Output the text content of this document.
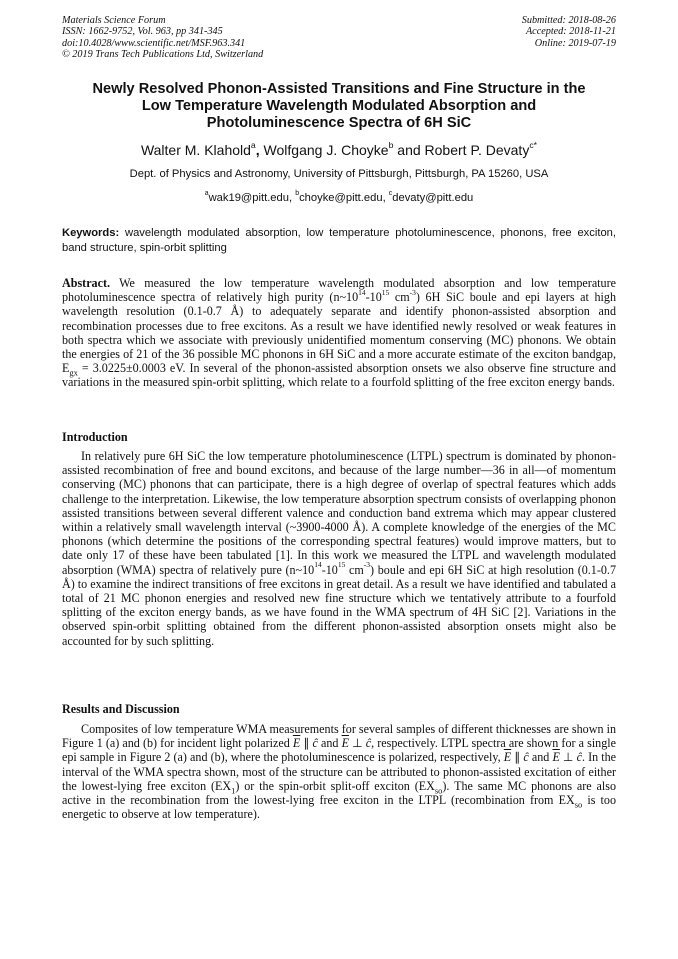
Materials Science Forum
ISSN: 1662-9752, Vol. 963, pp 341-345
doi:10.4028/www.scientific.net/MSF.963.341
© 2019 Trans Tech Publications Ltd, Switzerland
Submitted: 2018-08-26
Accepted: 2018-11-21
Online: 2019-07-19
Newly Resolved Phonon-Assisted Transitions and Fine Structure in the
Low Temperature Wavelength Modulated Absorption and
Photoluminescence Spectra of 6H SiC
Walter M. Klahold$^a$, Wolfgang J. Choyke$^b$ and Robert P. Devaty$^{c*}$
Dept. of Physics and Astronomy, University of Pittsburgh, Pittsburgh, PA 15260, USA
$^a$wak19@pitt.edu, $^b$choyke@pitt.edu, $^c$devaty@pitt.edu
Keywords: wavelength modulated absorption, low temperature photoluminescence, phonons, free exciton, band structure, spin-orbit splitting
Abstract. We measured the low temperature wavelength modulated absorption and low temperature photoluminescence spectra of relatively high purity ($n\sim 10^{14}-10^{15}$ $cm^{-3}$) 6H SiC boule and epi layers at high wavelength resolution (0.1-0.7 Å) to adequately separate and identify phonon-assisted absorption and recombination processes due to free excitons. As a result we have identified newly resolved or weak features in both spectra which we associate with previously unidentified momentum conserving (MC) phonons. We obtain the energies of 21 of the 36 possible MC phonons in 6H SiC and a more accurate estimate of the exciton bandgap, $E_{gx} = 3.0225\pm 0.0003$ eV. In several of the phonon-assisted absorption onsets we also observe fine structure and variations in the measured spin-orbit splitting, which relate to a fourfold splitting of the free exciton energy bands.
Introduction
In relatively pure 6H SiC the low temperature photoluminescence (LTPL) spectrum is dominated by phonon-assisted recombination of free and bound excitons, and because of the large number—36 in all—of momentum conserving (MC) phonons that can participate, there is a high degree of overlap of spectral features which adds challenge to the interpretation. Likewise, the low temperature absorption spectrum consists of overlapping phonon assisted transitions between several different valence and conduction band extrema which may appear clustered within a relatively small wavelength interval (~3900-4000 Å). A complete knowledge of the energies of the MC phonons (which determine the positions of the corresponding spectral features) would improve matters, but to date only 17 of these have been tabulated [1]. In this work we measured the LTPL and wavelength modulated absorption (WMA) spectra of relatively pure ($n\sim 10^{14}-10^{15}$ $cm^{-3}$) boule and epi 6H SiC at high resolution (0.1-0.7 Å) to examine the indirect transitions of free excitons in great detail. As a result we have identified and tabulated a total of 21 MC phonon energies and resolved new fine structure which we tentatively attribute to a fourfold splitting of the exciton energy bands, as we have found in the WMA spectrum of 4H SiC [2]. Variations in the observed spin-orbit splitting obtained from the different phonon-assisted absorption onsets might also be accounted for by such splitting.
Results and Discussion
Composites of low temperature WMA measurements for several samples of different thicknesses are shown in Figure 1 (a) and (b) for incident light polarized $\overline{E}$ ∥ ĉ and $\overline{E}$ ⊥ ĉ, respectively. LTPL spectra are shown for a single epi sample in Figure 2 (a) and (b), where the photoluminescence is polarized, respectively, $\overline{E}$ ∥ ĉ and $\overline{E}$ ⊥ ĉ. In the interval of the WMA spectra shown, most of the structure can be attributed to phonon-assisted excitation of either the lowest-lying free exciton $(EX_1)$ or the spin-orbit split-off exciton $(EX_{so})$. The same MC phonons are also active in the recombination from the lowest-lying free exciton in the LTPL (recombination from $EX_{so}$ is too energetic to observe at low temperature).
